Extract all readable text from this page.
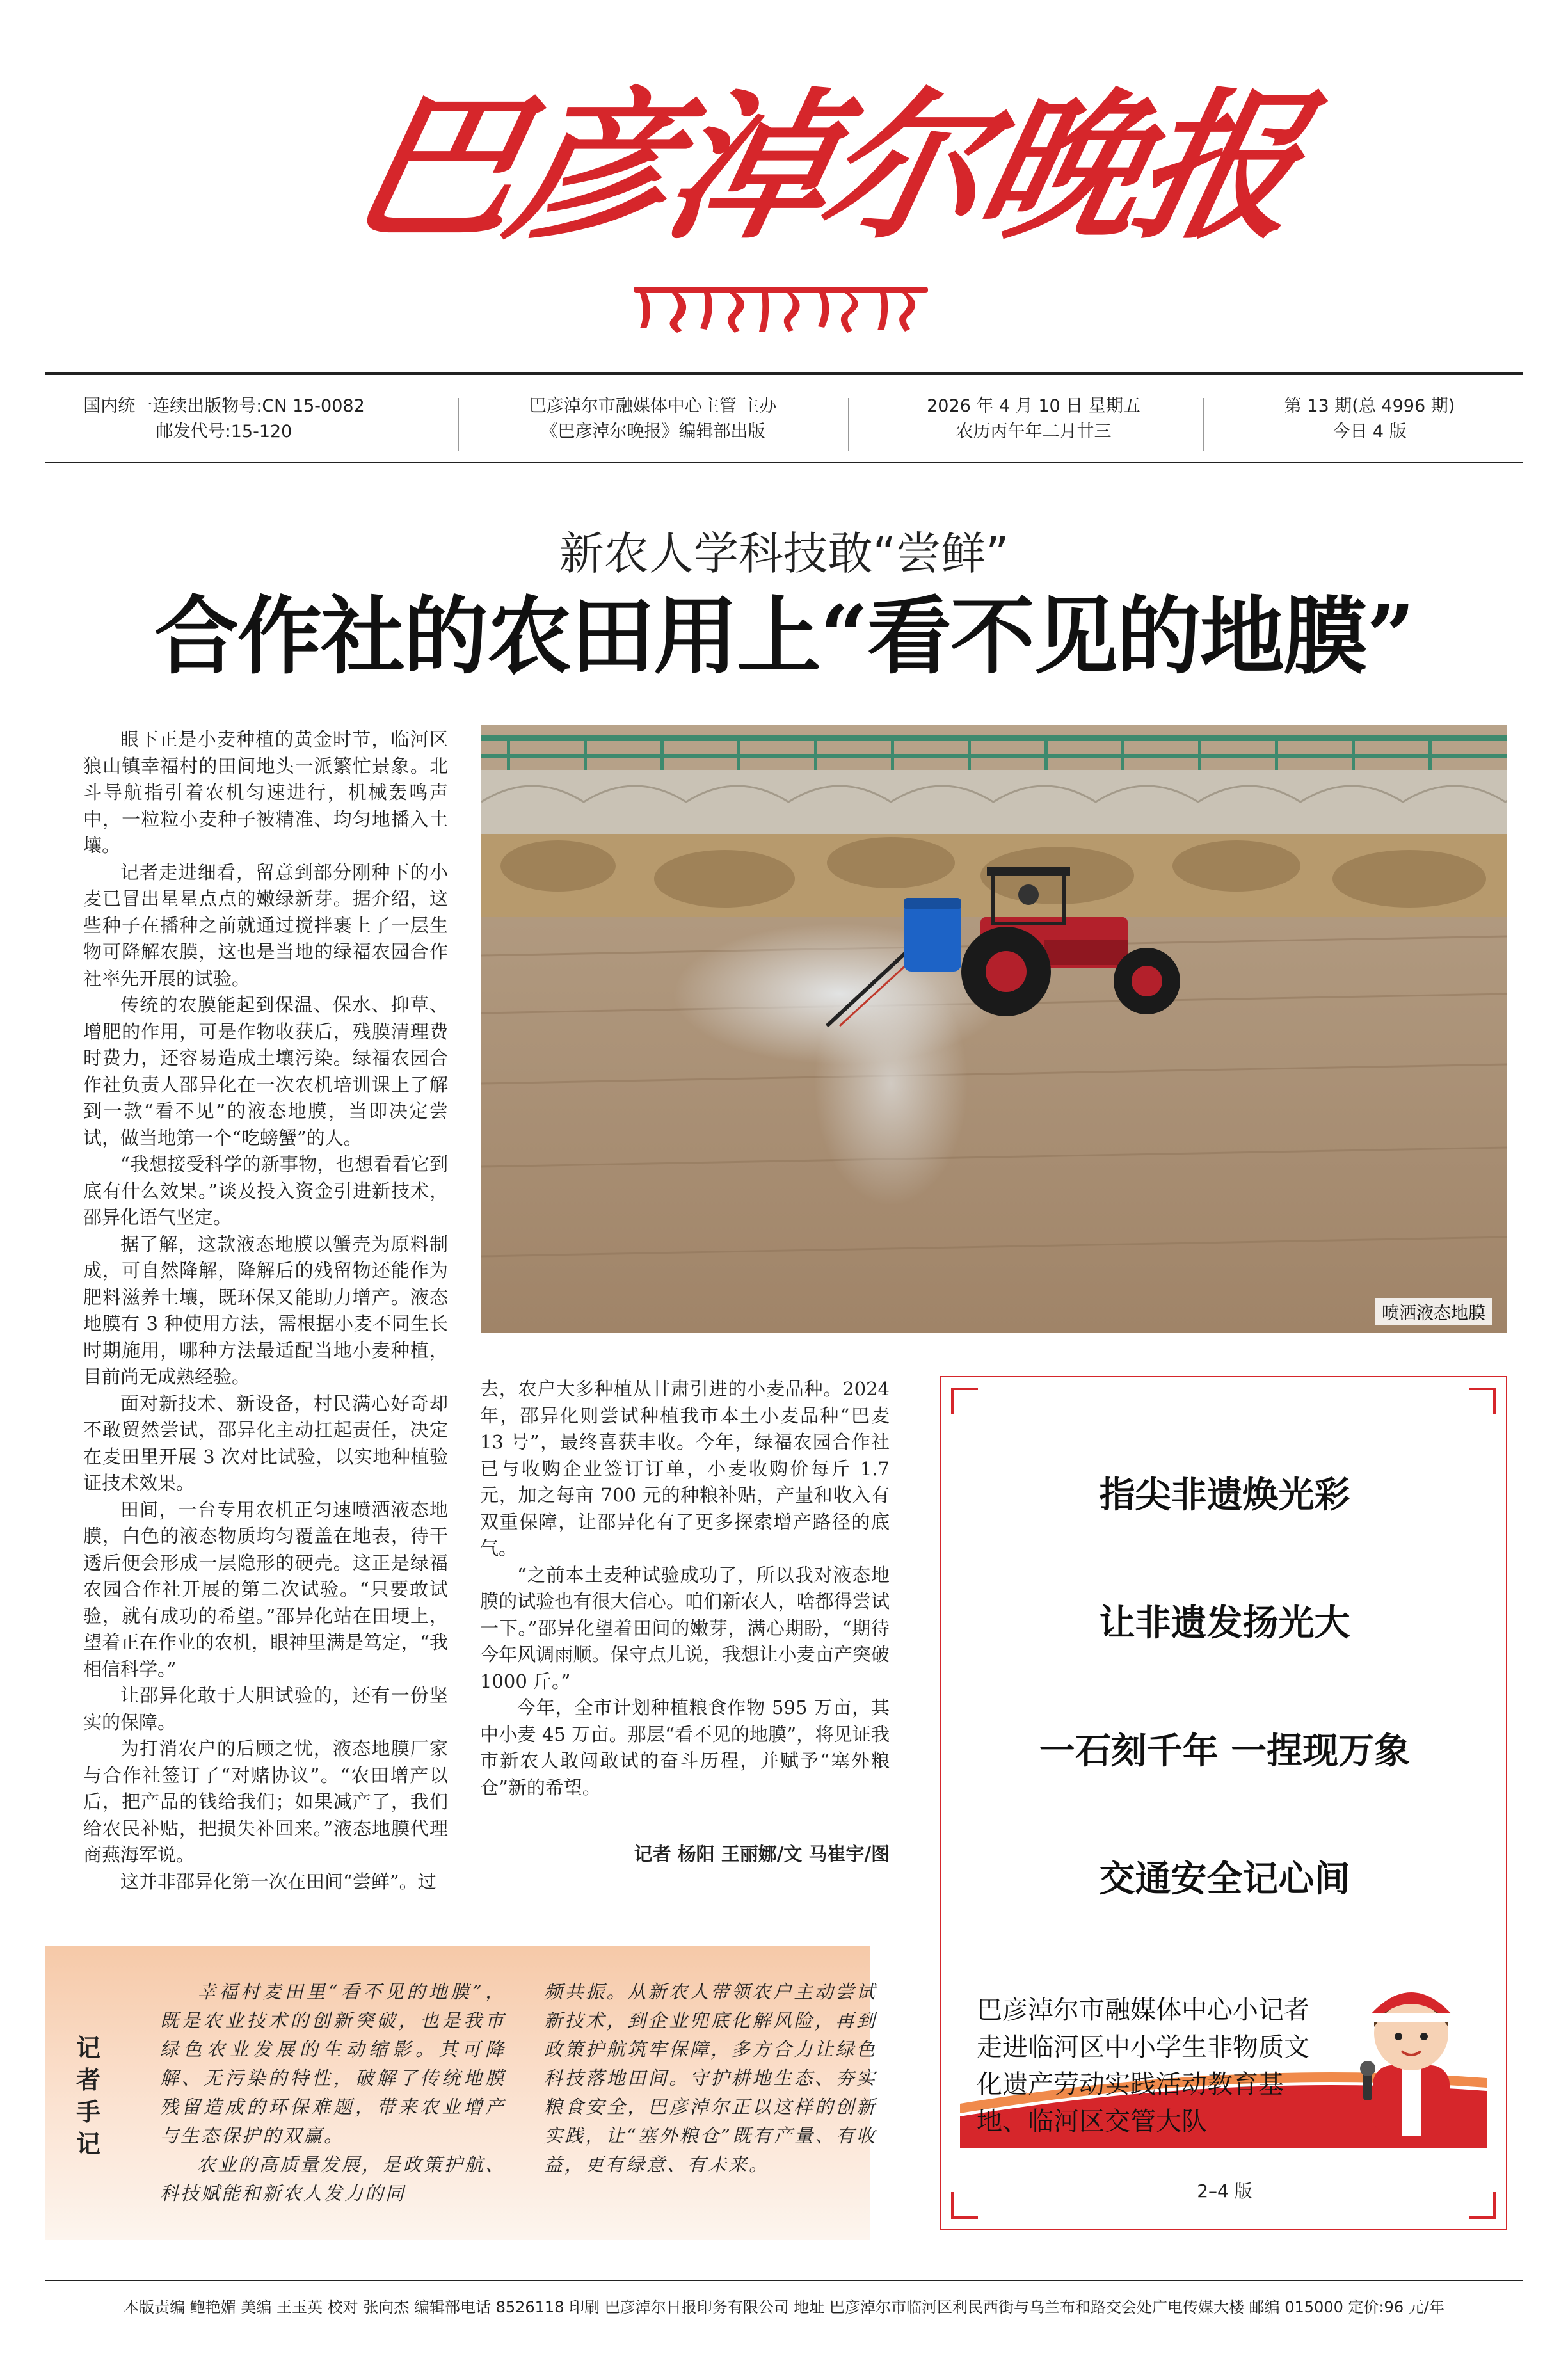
巴彦淖尔晚报
国内统一连续出版物号:CN 15-0082
邮发代号:15-120
巴彦淖尔市融媒体中心主管 主办
《巴彦淖尔晚报》编辑部出版
2026 年 4 月 10 日 星期五
农历丙午年二月廿三
第 13 期(总 4996 期)
今日 4 版
新农人学科技敢“尝鲜”
合作社的农田用上“看不见的地膜”

眼下正是小麦种植的黄金时节，临河区狼山镇幸福村的田间地头一派繁忙景象。北斗导航指引着农机匀速进行，机械轰鸣声中，一粒粒小麦种子被精准、均匀地播入土壤。

记者走进细看，留意到部分刚种下的小麦已冒出星星点点的嫩绿新芽。据介绍，这些种子在播种之前就通过搅拌裹上了一层生物可降解农膜，这也是当地的绿福农园合作社率先开展的试验。

传统的农膜能起到保温、保水、抑草、增肥的作用，可是作物收获后，残膜清理费时费力，还容易造成土壤污染。绿福农园合作社负责人邵异化在一次农机培训课上了解到一款“看不见”的液态地膜，当即决定尝试，做当地第一个“吃螃蟹”的人。

“我想接受科学的新事物，也想看看它到底有什么效果。”谈及投入资金引进新技术，邵异化语气坚定。

据了解，这款液态地膜以蟹壳为原料制成，可自然降解，降解后的残留物还能作为肥料滋养土壤，既环保又能助力增产。液态地膜有 3 种使用方法，需根据小麦不同生长时期施用，哪种方法最适配当地小麦种植，目前尚无成熟经验。

面对新技术、新设备，村民满心好奇却不敢贸然尝试，邵异化主动扛起责任，决定在麦田里开展 3 次对比试验，以实地种植验证技术效果。

田间，一台专用农机正匀速喷洒液态地膜，白色的液态物质均匀覆盖在地表，待干透后便会形成一层隐形的硬壳。这正是绿福农园合作社开展的第二次试验。“只要敢试验，就有成功的希望。”邵异化站在田埂上，望着正在作业的农机，眼神里满是笃定，“我相信科学。”

让邵异化敢于大胆试验的，还有一份坚实的保障。

为打消农户的后顾之忧，液态地膜厂家与合作社签订了“对赌协议”。“农田增产以后，把产品的钱给我们；如果减产了，我们给农民补贴，把损失补回来。”液态地膜代理商燕海军说。

这并非邵异化第一次在田间“尝鲜”。过

喷洒液态地膜

去，农户大多种植从甘肃引进的小麦品种。2024 年，邵异化则尝试种植我市本土小麦品种“巴麦 13 号”，最终喜获丰收。今年，绿福农园合作社已与收购企业签订订单，小麦收购价每斤 1.7 元，加之每亩 700 元的种粮补贴，产量和收入有双重保障，让邵异化有了更多探索增产路径的底气。

“之前本土麦种试验成功了，所以我对液态地膜的试验也有很大信心。咱们新农人，啥都得尝试一下。”邵异化望着田间的嫩芽，满心期盼，“期待今年风调雨顺。保守点儿说，我想让小麦亩产突破 1000 斤。”

今年，全市计划种植粮食作物 595 万亩，其中小麦 45 万亩。那层“看不见的地膜”，将见证我市新农人敢闯敢试的奋斗历程，并赋予“塞外粮仓”新的希望。

记者 杨阳 王丽娜/文 马崔宇/图
指尖非遗焕光彩
让非遗发扬光大
一石刻千年 一捏现万象
交通安全记心间
巴彦淖尔市融媒体中心小记者走进临河区中小学生非物质文化遗产劳动实践活动教育基地、临河区交管大队
2–4 版
记者手记

幸福村麦田里“看不见的地膜”，既是农业技术的创新突破，也是我市绿色农业发展的生动缩影。其可降解、无污染的特性，破解了传统地膜残留造成的环保难题，带来农业增产与生态保护的双赢。

农业的高质量发展，是政策护航、科技赋能和新农人发力的同

频共振。从新农人带领农户主动尝试新技术，到企业兜底化解风险，再到政策护航筑牢保障，多方合力让绿色科技落地田间。守护耕地生态、夯实粮食安全，巴彦淖尔正以这样的创新实践，让“塞外粮仓”既有产量、有收益，更有绿意、有未来。

本版责编 鲍艳媚 美编 王玉英 校对 张向杰 编辑部电话 8526118 印刷 巴彦淖尔日报印务有限公司 地址 巴彦淖尔市临河区利民西街与乌兰布和路交会处广电传媒大楼 邮编 015000 定价:96 元/年
